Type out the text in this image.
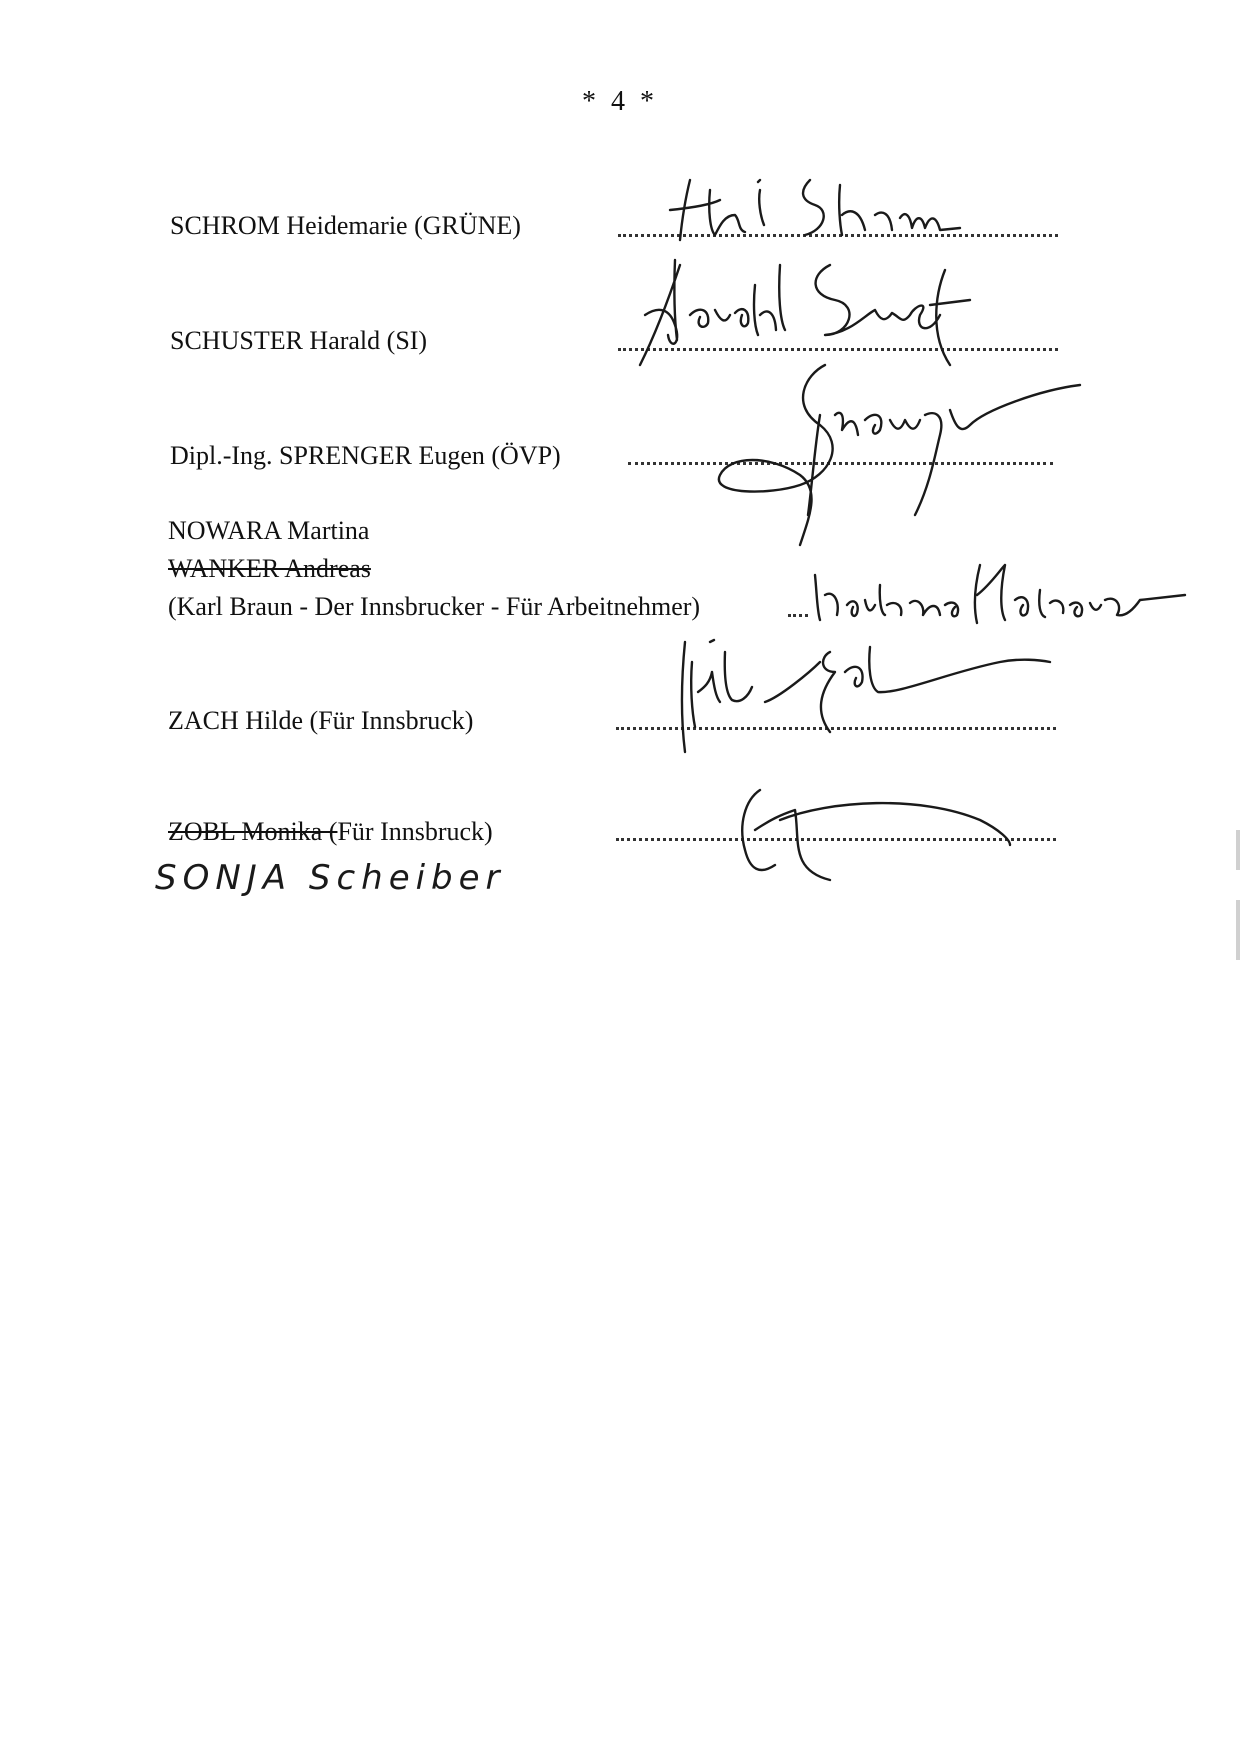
* 4 *
SCHROM Heidemarie (GRÜNE)
SCHUSTER Harald (SI)
Dipl.-Ing. SPRENGER Eugen (ÖVP)
NOWARA Martina
WANKER Andreas
(Karl Braun - Der Innsbrucker - Für Arbeitnehmer)
ZACH Hilde (Für Innsbruck)
ZOBL Monika (Für Innsbruck)
SONJA Scheiber
